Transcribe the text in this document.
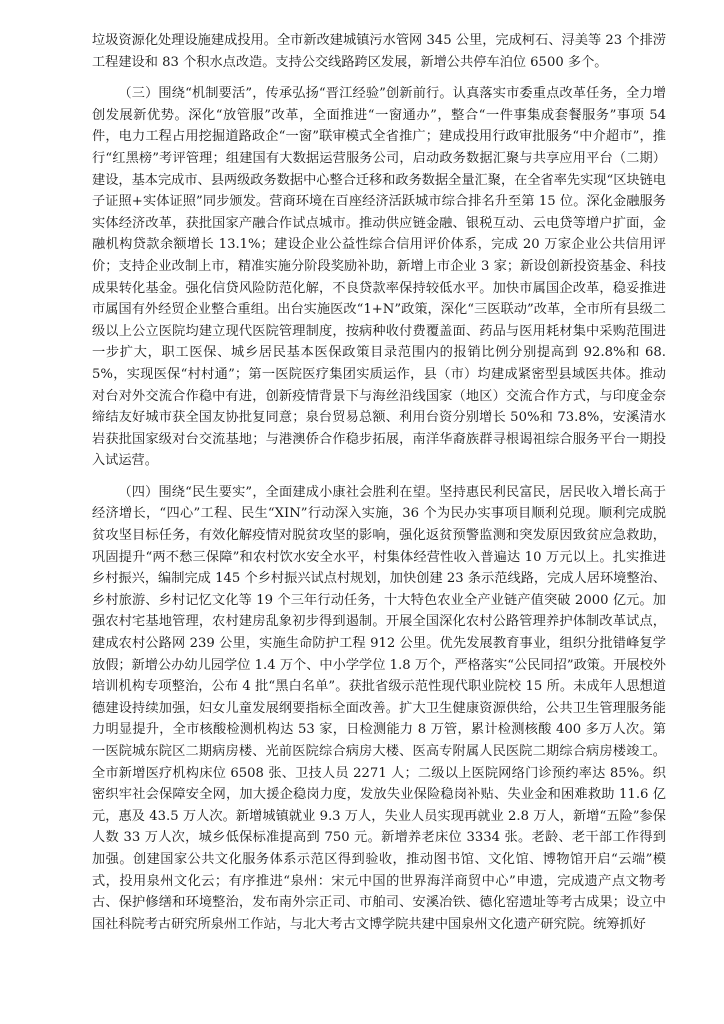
垃圾资源化处理设施建成投用。全市新改建城镇污水管网 345 公里，完成柯石、浔美等 23 个排涝工程建设和 83 个积水点改造。支持公交线路跨区发展，新增公共停车泊位 6500 多个。

（三）围绕“机制要活”，传承弘扬“晋江经验”创新前行。认真落实市委重点改革任务，全力增创发展新优势。深化“放管服”改革，全面推进“一窗通办”，整合“一件事集成套餐服务”事项 54 件，电力工程占用挖掘道路政企“一窗”联审模式全省推广；建成投用行政审批服务“中介超市”，推行“红黑榜”考评管理；组建国有大数据运营服务公司，启动政务数据汇聚与共享应用平台（二期）建设，基本完成市、县两级政务数据中心整合迁移和政务数据全量汇聚，在全省率先实现“区块链电子证照+实体证照”同步颁发。营商环境在百座经济活跃城市综合排名升至第 15 位。深化金融服务实体经济改革，获批国家产融合作试点城市。推动供应链金融、银税互动、云电贷等增户扩面，金融机构贷款余额增长 13.1%；建设企业公益性综合信用评价体系，完成 20 万家企业公共信用评价；支持企业改制上市，精准实施分阶段奖励补助，新增上市企业 3 家；新设创新投资基金、科技成果转化基金。强化信贷风险防范化解，不良贷款率保持较低水平。加快市属国企改革，稳妥推进市属国有外经贸企业整合重组。出台实施医改“1+N”政策，深化“三医联动”改革，全市所有县级二级以上公立医院均建立现代医院管理制度，按病种收付费覆盖面、药品与医用耗材集中采购范围进一步扩大，职工医保、城乡居民基本医保政策目录范围内的报销比例分别提高到 92.8%和 68.5%，实现医保“村村通”；第一医院医疗集团实质运作，县（市）均建成紧密型县域医共体。推动对台对外交流合作稳中有进，创新疫情背景下与海丝沿线国家（地区）交流合作方式，与印度金奈缔结友好城市获全国友协批复同意；泉台贸易总额、利用台资分别增长 50%和 73.8%，安溪清水岩获批国家级对台交流基地；与港澳侨合作稳步拓展，南洋华裔族群寻根谒祖综合服务平台一期投入试运营。

（四）围绕“民生要实”，全面建成小康社会胜利在望。坚持惠民利民富民，居民收入增长高于经济增长，“四心”工程、民生“XIN”行动深入实施，36 个为民办实事项目顺利兑现。顺利完成脱贫攻坚目标任务，有效化解疫情对脱贫攻坚的影响，强化返贫预警监测和突发原因致贫应急救助，巩固提升“两不愁三保障”和农村饮水安全水平，村集体经营性收入普遍达 10 万元以上。扎实推进乡村振兴，编制完成 145 个乡村振兴试点村规划，加快创建 23 条示范线路，完成人居环境整治、乡村旅游、乡村记忆文化等 19 个三年行动任务，十大特色农业全产业链产值突破 2000 亿元。加强农村宅基地管理，农村建房乱象初步得到遏制。开展全国深化农村公路管理养护体制改革试点，建成农村公路网 239 公里，实施生命防护工程 912 公里。优先发展教育事业，组织分批错峰复学放假；新增公办幼儿园学位 1.4 万个、中小学学位 1.8 万个，严格落实“公民同招”政策。开展校外培训机构专项整治，公布 4 批“黑白名单”。获批省级示范性现代职业院校 15 所。未成年人思想道德建设持续加强，妇女儿童发展纲要指标全面改善。扩大卫生健康资源供给，公共卫生管理服务能力明显提升，全市核酸检测机构达 53 家，日检测能力 8 万管，累计检测核酸 400 多万人次。第一医院城东院区二期病房楼、光前医院综合病房大楼、医高专附属人民医院二期综合病房楼竣工。全市新增医疗机构床位 6508 张、卫技人员 2271 人；二级以上医院网络门诊预约率达 85%。织密织牢社会保障安全网，加大援企稳岗力度，发放失业保险稳岗补贴、失业金和困难救助 11.6 亿元，惠及 43.5 万人次。新增城镇就业 9.3 万人，失业人员实现再就业 2.8 万人，新增“五险”参保人数 33 万人次，城乡低保标准提高到 750 元。新增养老床位 3334 张。老龄、老干部工作得到加强。创建国家公共文化服务体系示范区得到验收，推动图书馆、文化馆、博物馆开启“云端”模式，投用泉州文化云；有序推进“泉州：宋元中国的世界海洋商贸中心”申遗，完成遗产点文物考古、保护修缮和环境整治，发布南外宗正司、市舶司、安溪冶铁、德化窑遗址等考古成果；设立中国社科院考古研究所泉州工作站，与北大考古文博学院共建中国泉州文化遗产研究院。统筹抓好
